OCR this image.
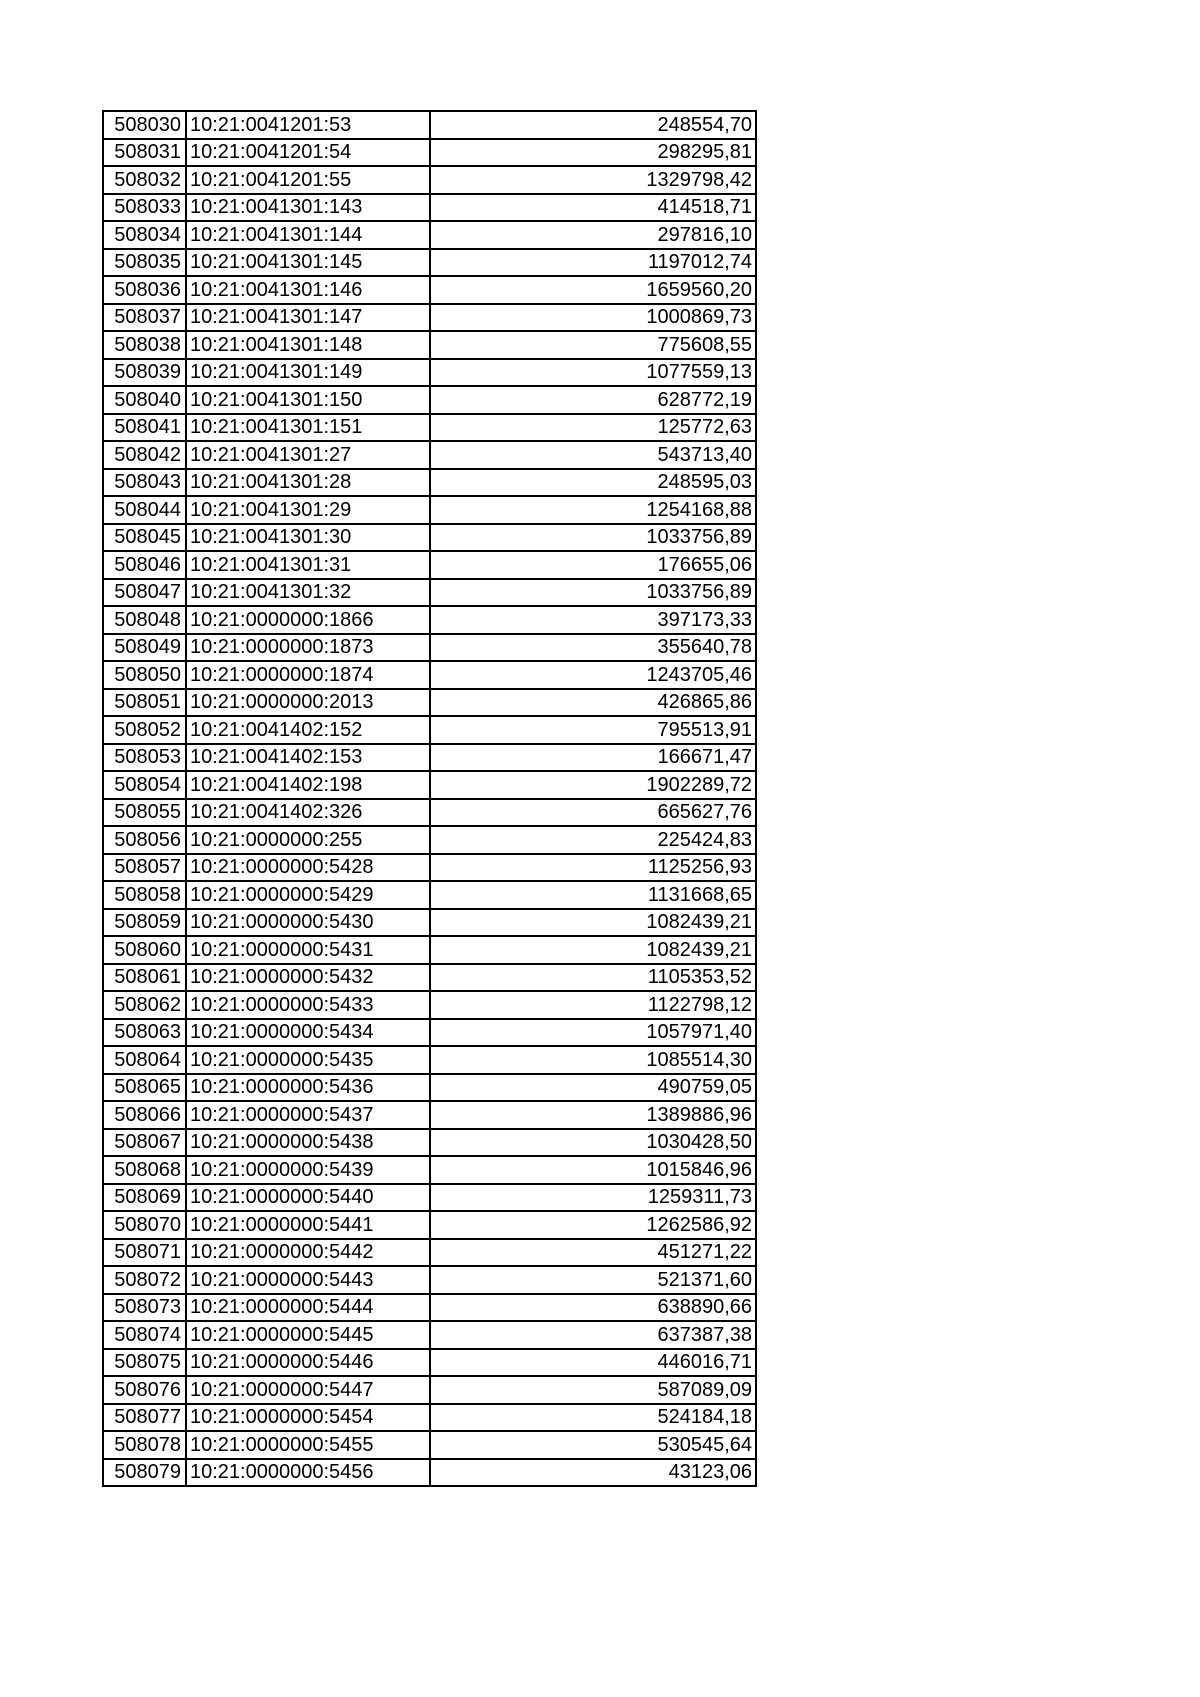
508030	10:21:0041201:53	248554,70
508031	10:21:0041201:54	298295,81
508032	10:21:0041201:55	1329798,42
508033	10:21:0041301:143	414518,71
508034	10:21:0041301:144	297816,10
508035	10:21:0041301:145	1197012,74
508036	10:21:0041301:146	1659560,20
508037	10:21:0041301:147	1000869,73
508038	10:21:0041301:148	775608,55
508039	10:21:0041301:149	1077559,13
508040	10:21:0041301:150	628772,19
508041	10:21:0041301:151	125772,63
508042	10:21:0041301:27	543713,40
508043	10:21:0041301:28	248595,03
508044	10:21:0041301:29	1254168,88
508045	10:21:0041301:30	1033756,89
508046	10:21:0041301:31	176655,06
508047	10:21:0041301:32	1033756,89
508048	10:21:0000000:1866	397173,33
508049	10:21:0000000:1873	355640,78
508050	10:21:0000000:1874	1243705,46
508051	10:21:0000000:2013	426865,86
508052	10:21:0041402:152	795513,91
508053	10:21:0041402:153	166671,47
508054	10:21:0041402:198	1902289,72
508055	10:21:0041402:326	665627,76
508056	10:21:0000000:255	225424,83
508057	10:21:0000000:5428	1125256,93
508058	10:21:0000000:5429	1131668,65
508059	10:21:0000000:5430	1082439,21
508060	10:21:0000000:5431	1082439,21
508061	10:21:0000000:5432	1105353,52
508062	10:21:0000000:5433	1122798,12
508063	10:21:0000000:5434	1057971,40
508064	10:21:0000000:5435	1085514,30
508065	10:21:0000000:5436	490759,05
508066	10:21:0000000:5437	1389886,96
508067	10:21:0000000:5438	1030428,50
508068	10:21:0000000:5439	1015846,96
508069	10:21:0000000:5440	1259311,73
508070	10:21:0000000:5441	1262586,92
508071	10:21:0000000:5442	451271,22
508072	10:21:0000000:5443	521371,60
508073	10:21:0000000:5444	638890,66
508074	10:21:0000000:5445	637387,38
508075	10:21:0000000:5446	446016,71
508076	10:21:0000000:5447	587089,09
508077	10:21:0000000:5454	524184,18
508078	10:21:0000000:5455	530545,64
508079	10:21:0000000:5456	43123,06
